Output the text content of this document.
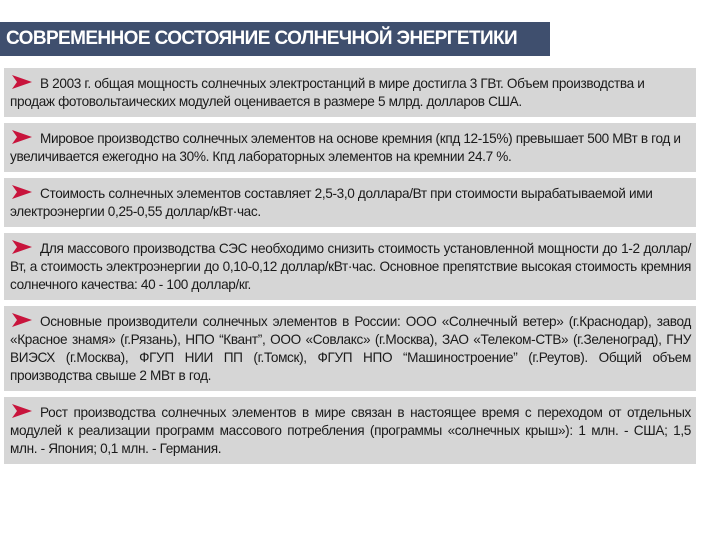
СОВРЕМЕННОЕ СОСТОЯНИЕ СОЛНЕЧНОЙ ЭНЕРГЕТИКИ
В 2003 г. общая мощность солнечных электростанций в мире достигла 3 ГВт. Объем производства и продаж фотовольтаических модулей оценивается в размере 5 млрд. долларов США.
Мировое производство солнечных элементов на основе кремния (кпд 12-15%) превышает 500 МВт в год и увеличивается ежегодно на 30%. Кпд лабораторных элементов на кремнии 24.7 %.
Стоимость солнечных элементов составляет 2,5-3,0 доллара/Вт при стоимости вырабатываемой ими электроэнергии 0,25-0,55 доллар/кВт·час.
Для массового производства СЭС необходимо снизить стоимость установленной мощности до 1-2 доллар/Вт, а стоимость электроэнергии до 0,10-0,12 доллар/кВт·час. Основное препятствие высокая стоимость кремния солнечного качества: 40 - 100 доллар/кг.
Основные производители солнечных элементов в России: ООО «Солнечный ветер» (г.Краснодар), завод «Красное знамя» (г.Рязань), НПО “Квант”, ООО «Совлакс» (г.Москва), ЗАО «Телеком-СТВ» (г.Зеленоград), ГНУ ВИЭСХ (г.Москва), ФГУП НИИ ПП (г.Томск), ФГУП НПО “Машиностроение” (г.Реутов). Общий объем производства свыше 2 МВт в год.
Рост производства солнечных элементов в мире связан в настоящее время с переходом от отдельных модулей к реализации программ массового потребления (программы «солнечных крыш»): 1 млн. - США; 1,5 млн. - Япония; 0,1 млн. - Германия.
